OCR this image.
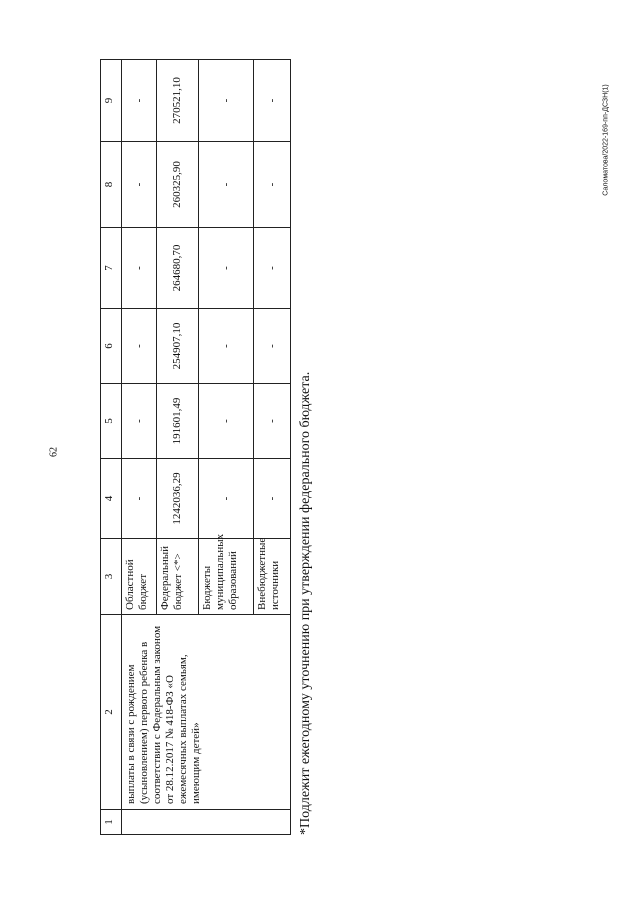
62
Саломатова/2022-169-пп-ДСЗН(1)
1	2	3	4	5	6	7	8	9
	выплаты в связи с рождением (усыновлением) первого ребенка в соответствии с Федеральным законом от 28.12.2017 № 418-ФЗ «О ежемесячных выплатах семьям, имеющим детей»	Областной бюджет	-	-	-	-	-	-
		Федеральный бюджет <*>	1242036,29	191601,49	254907,10	264680,70	260325,90	270521,10
		Бюджеты муниципальных образований	-	-	-	-	-	-
		Внебюджетные источники	-	-	-	-	-	-
*Подлежит ежегодному уточнению при утверждении федерального бюджета.
